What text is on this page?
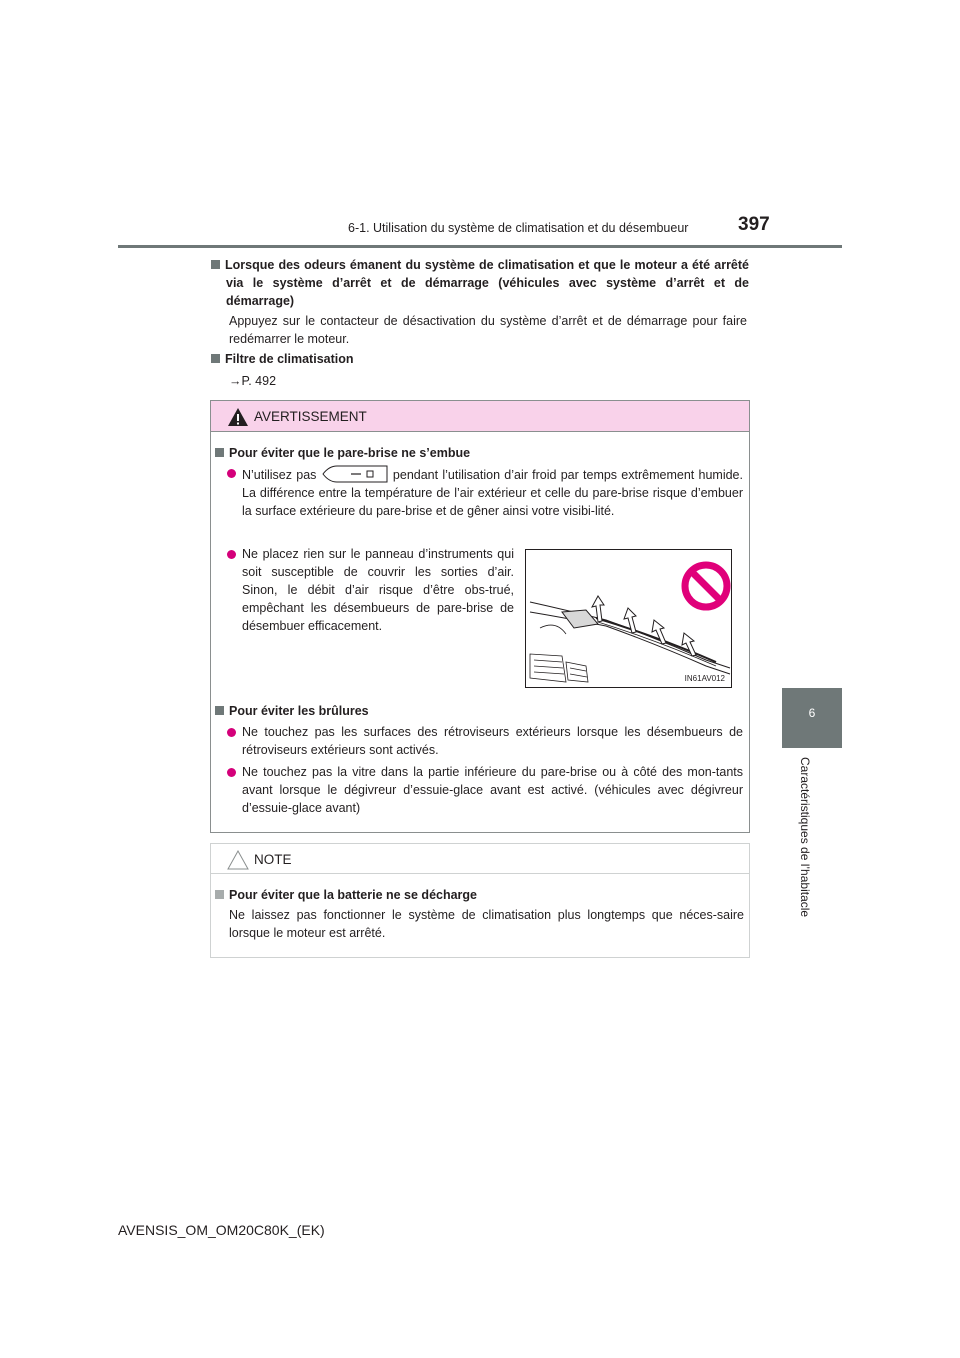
6-1. Utilisation du système de climatisation et du désembueur	397
6
Caractéristiques de l’habitacle
Lorsque des odeurs émanent du système de climatisation et que le moteur a été arrêté via le système d’arrêt et de démarrage (véhicules avec système d’arrêt et de démarrage)
Appuyez sur le contacteur de désactivation du système d’arrêt et de démarrage pour faire redémarrer le moteur.
Filtre de climatisation
→P. 492
AVERTISSEMENT
Pour éviter que le pare-brise ne s’embue
N’utilisez pas	pendant l’utilisation d’air froid par temps extrêmement humide. La différence entre la température de l’air extérieur et celle du pare-brise risque d’embuer la surface extérieure du pare-brise et de gêner ainsi votre visibi-lité.
Ne placez rien sur le panneau d’instruments qui soit susceptible de couvrir les sorties d’air. Sinon, le débit d’air risque d’être obs-trué, empêchant les désembueurs de pare-brise de désembuer efficacement.
IN61AV012
Pour éviter les brûlures
Ne touchez pas les surfaces des rétroviseurs extérieurs lorsque les désembueurs de rétroviseurs extérieurs sont activés.
Ne touchez pas la vitre dans la partie inférieure du pare-brise ou à côté des mon-tants avant lorsque le dégivreur d’essuie-glace avant est activé. (véhicules avec dégivreur d’essuie-glace avant)
NOTE
Pour éviter que la batterie ne se décharge
Ne laissez pas fonctionner le système de climatisation plus longtemps que néces-saire lorsque le moteur est arrêté.
AVENSIS_OM_OM20C80K_(EK)
